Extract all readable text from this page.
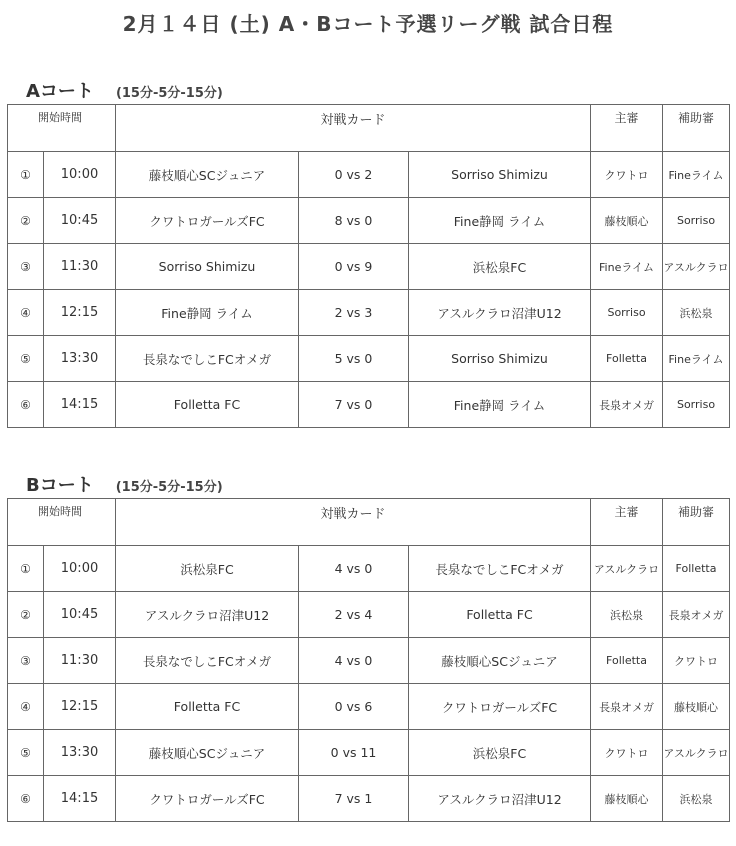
2月１４日 (土) A・Bコート予選リーグ戦 試合日程
Aコート (15分-5分-15分)
開始時間		対戦カード			主審	補助審
①	10:00	藤枝順心SCジュニア	0 vs 2	Sorriso Shimizu	クワトロ	Fineライム
②	10:45	クワトロガールズFC	8 vs 0	Fine静岡 ライム	藤枝順心	Sorriso
③	11:30	Sorriso Shimizu	0 vs 9	浜松泉FC	Fineライム	アスルクラロ
④	12:15	Fine静岡 ライム	2 vs 3	アスルクラロ沼津U12	Sorriso	浜松泉
⑤	13:30	長泉なでしこFCオメガ	5 vs 0	Sorriso Shimizu	Folletta	Fineライム
⑥	14:15	Folletta FC	7 vs 0	Fine静岡 ライム	長泉オメガ	Sorriso
Bコート (15分-5分-15分)
開始時間		対戦カード			主審	補助審
①	10:00	浜松泉FC	4 vs 0	長泉なでしこFCオメガ	アスルクラロ	Folletta
②	10:45	アスルクラロ沼津U12	2 vs 4	Folletta FC	浜松泉	長泉オメガ
③	11:30	長泉なでしこFCオメガ	4 vs 0	藤枝順心SCジュニア	Folletta	クワトロ
④	12:15	Folletta FC	0 vs 6	クワトロガールズFC	長泉オメガ	藤枝順心
⑤	13:30	藤枝順心SCジュニア	0 vs 11	浜松泉FC	クワトロ	アスルクラロ
⑥	14:15	クワトロガールズFC	7 vs 1	アスルクラロ沼津U12	藤枝順心	浜松泉
